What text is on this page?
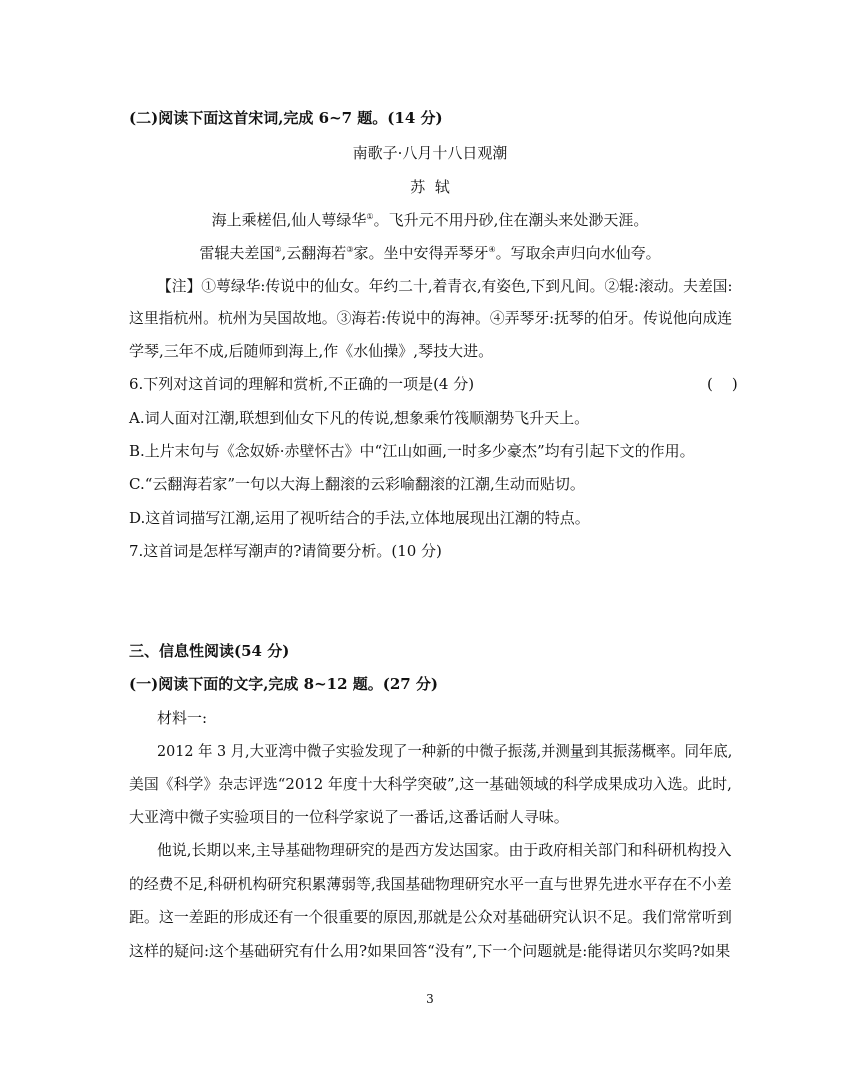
(二)阅读下面这首宋词,完成 6~7 题。(14 分)

南歌子·八月十八日观潮

苏  轼

海上乘槎侣,仙人萼绿华①。飞升元不用丹砂,住在潮头来处渺天涯。

雷辊夫差国②,云翻海若③家。坐中安得弄琴牙④。写取余声归向水仙夸。

【注】①萼绿华:传说中的仙女。年约二十,着青衣,有姿色,下到凡间。②辊:滚动。夫差国:

这里指杭州。杭州为吴国故地。③海若:传说中的海神。④弄琴牙:抚琴的伯牙。传说他向成连

学琴,三年不成,后随师到海上,作《水仙操》,琴技大进。

6.下列对这首词的理解和赏析,不正确的一项是(4 分)	(    )

A.词人面对江潮,联想到仙女下凡的传说,想象乘竹筏顺潮势飞升天上。

B.上片末句与《念奴娇·赤壁怀古》中“江山如画,一时多少豪杰”均有引起下文的作用。

C.“云翻海若家”一句以大海上翻滚的云彩喻翻滚的江潮,生动而贴切。

D.这首词描写江潮,运用了视听结合的手法,立体地展现出江潮的特点。

7.这首词是怎样写潮声的?请简要分析。(10 分)

三、信息性阅读(54 分)

(一)阅读下面的文字,完成 8~12 题。(27 分)

材料一:

2012 年 3 月,大亚湾中微子实验发现了一种新的中微子振荡,并测量到其振荡概率。同年底,

美国《科学》杂志评选“2012 年度十大科学突破”,这一基础领域的科学成果成功入选。此时,

大亚湾中微子实验项目的一位科学家说了一番话,这番话耐人寻味。

他说,长期以来,主导基础物理研究的是西方发达国家。由于政府相关部门和科研机构投入

的经费不足,科研机构研究积累薄弱等,我国基础物理研究水平一直与世界先进水平存在不小差

距。这一差距的形成还有一个很重要的原因,那就是公众对基础研究认识不足。我们常常听到

这样的疑问:这个基础研究有什么用?如果回答“没有”,下一个问题就是:能得诺贝尔奖吗?如果

3
